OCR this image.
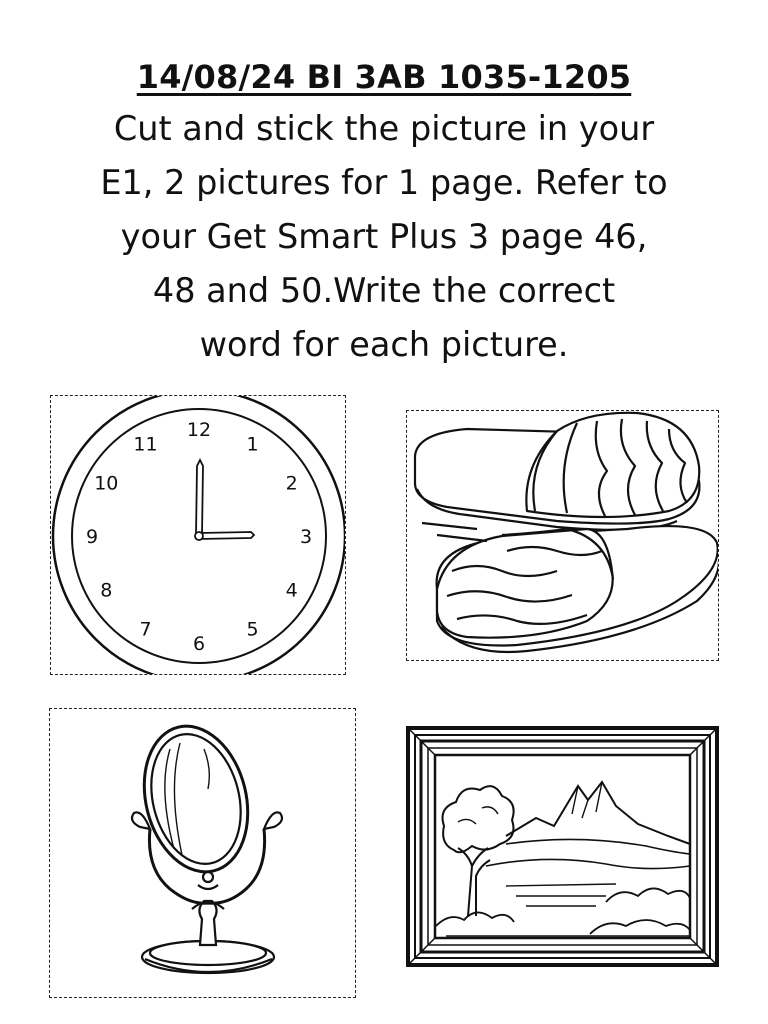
14/08/24 BI 3AB 1035-1205
Cut and stick the picture in your
E1, 2 pictures for 1 page. Refer to
your Get Smart Plus 3 page 46,
48 and 50.Write the correct
word for each picture.
12
1
2
3
4
5
6
7
8
9
10
11
